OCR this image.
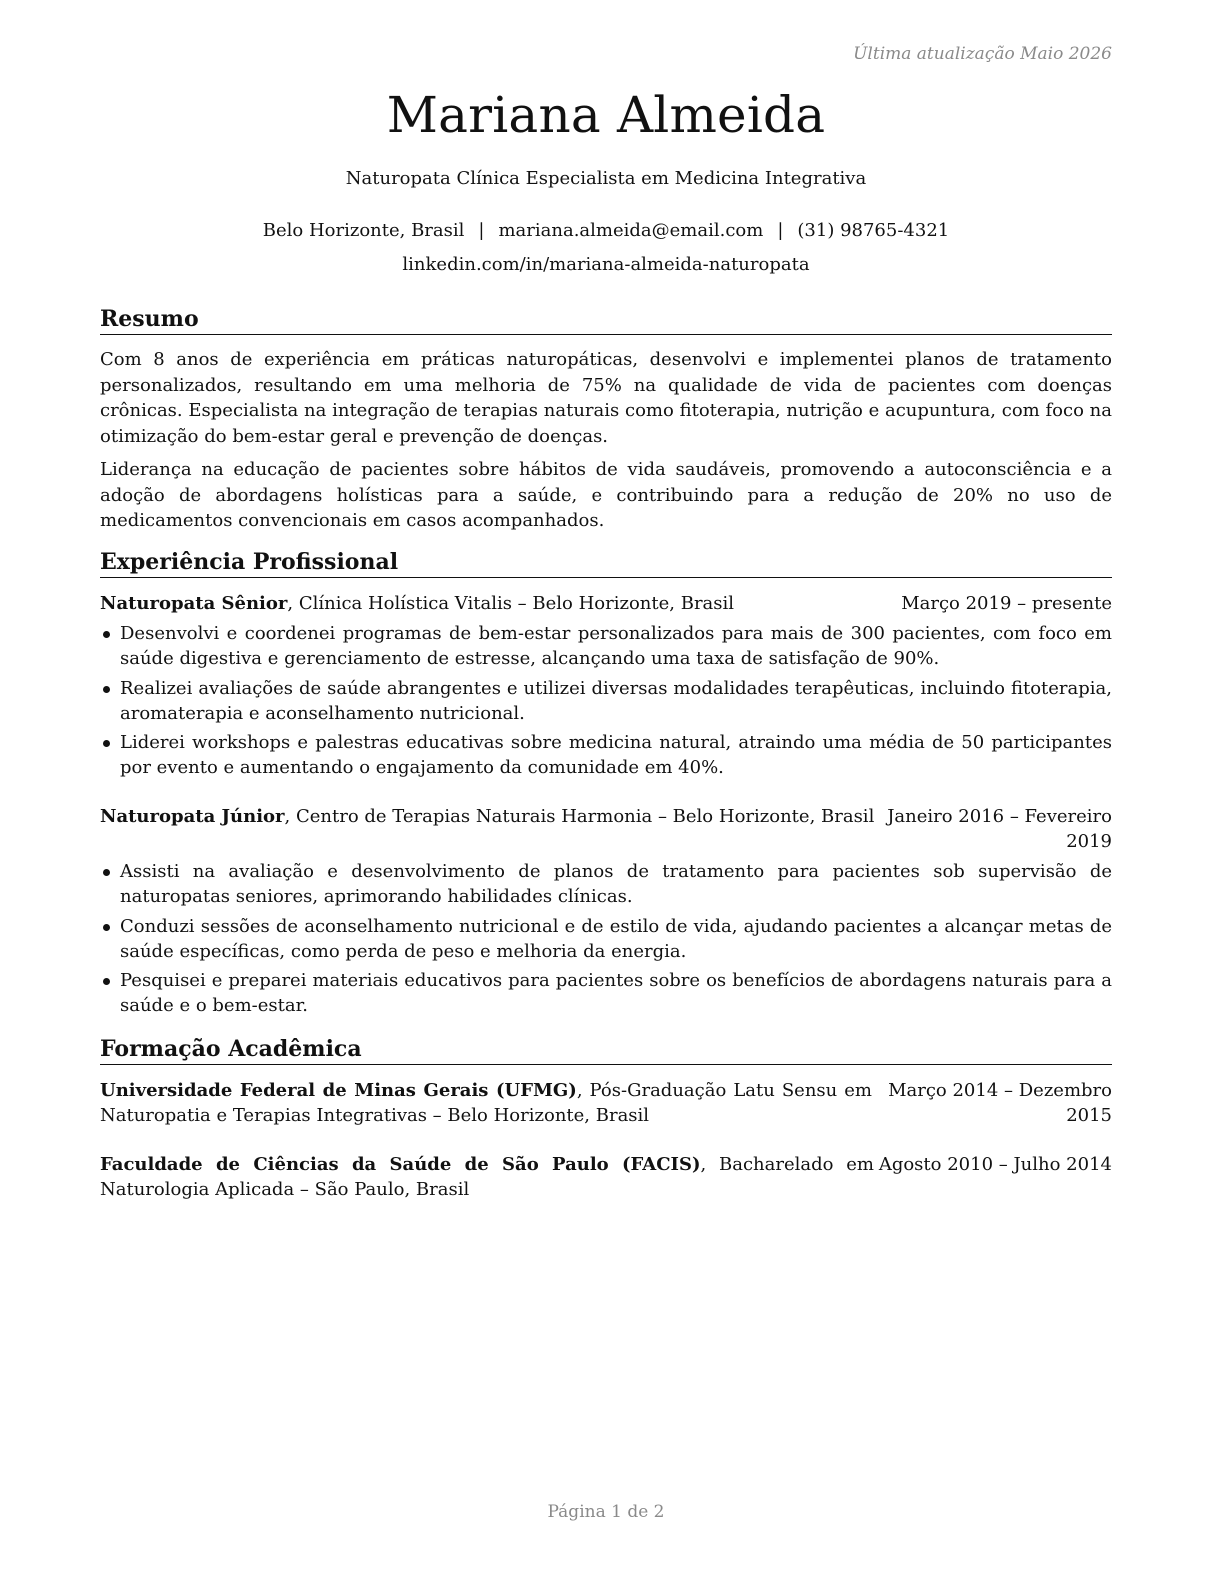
Última atualização Maio 2026
Mariana Almeida
Naturopata Clínica Especialista em Medicina Integrativa
Belo Horizonte, Brasil | mariana.almeida@email.com | (31) 98765-4321
linkedin.com/in/mariana-almeida-naturopata
Resumo

Com 8 anos de experiência em práticas naturopáticas, desenvolvi e implementei planos de tratamento personalizados, resultando em uma melhoria de 75% na qualidade de vida de pacientes com doenças crônicas. Especialista na integração de terapias naturais como fitoterapia, nutrição e acupuntura, com foco na otimização do bem-estar geral e prevenção de doenças.

Liderança na educação de pacientes sobre hábitos de vida saudáveis, promovendo a autoconsciência e a adoção de abordagens holísticas para a saúde, e contribuindo para a redução de 20% no uso de medicamentos convencionais em casos acompanhados.

Experiência Profissional
Naturopata Sênior, Clínica Holística Vitalis – Belo Horizonte, Brasil	Março 2019 – presente
Desenvolvi e coordenei programas de bem-estar personalizados para mais de 300 pacientes, com foco em saúde digestiva e gerenciamento de estresse, alcançando uma taxa de satisfação de 90%.
Realizei avaliações de saúde abrangentes e utilizei diversas modalidades terapêuticas, incluindo fitoterapia, aromaterapia e aconselhamento nutricional.
Liderei workshops e palestras educativas sobre medicina natural, atraindo uma média de 50 participantes por evento e aumentando o engajamento da comunidade em 40%.
Naturopata Júnior, Centro de Terapias Naturais Harmonia – Belo Horizonte, Brasil Janeiro 2016 – Fevereiro
2019
Assisti na avaliação e desenvolvimento de planos de tratamento para pacientes sob supervisão de naturopatas seniores, aprimorando habilidades clínicas.
Conduzi sessões de aconselhamento nutricional e de estilo de vida, ajudando pacientes a alcançar metas de saúde específicas, como perda de peso e melhoria da energia.
Pesquisei e preparei materiais educativos para pacientes sobre os benefícios de abordagens naturais para a saúde e o bem-estar.
Formação Acadêmica
Universidade Federal de Minas Gerais (UFMG), Pós-Graduação Latu Sensu em Naturopatia e Terapias Integrativas – Belo Horizonte, Brasil
Março 2014 – Dezembro
2015
Faculdade de Ciências da Saúde de São Paulo (FACIS), Bacharelado em Naturologia Aplicada – São Paulo, Brasil
Agosto 2010 – Julho 2014
Página 1 de 2
